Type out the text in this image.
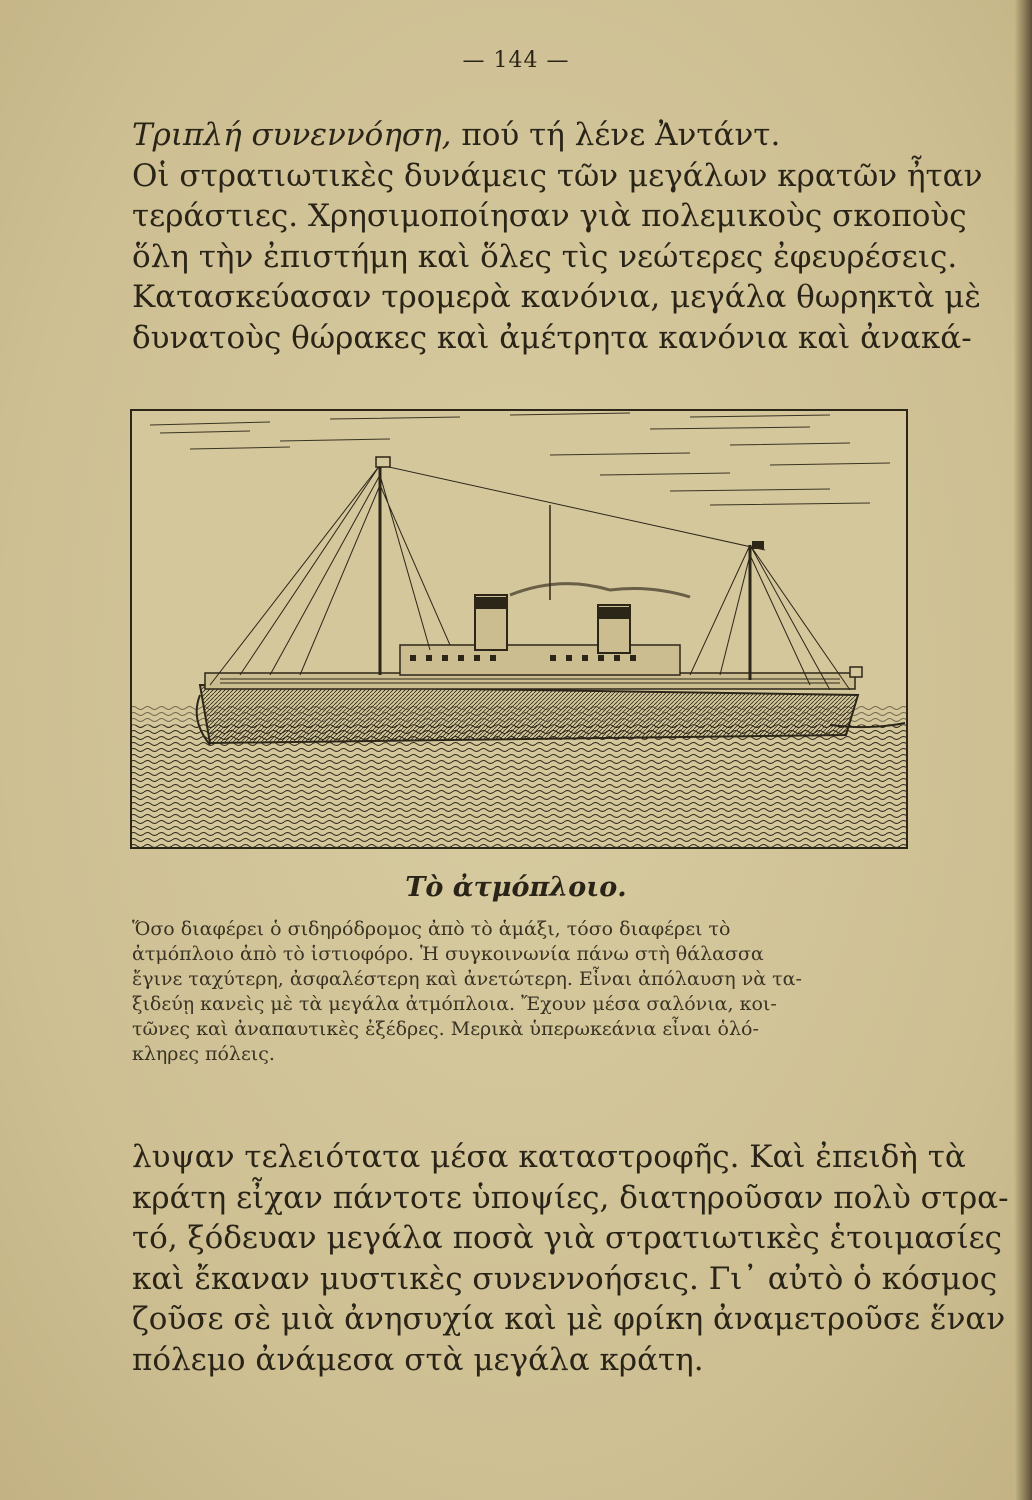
— 144 —

Τριπλή συνεννόηση, πού τή λένε Ἀντάντ.
Οἱ στρατιωτικὲς δυνάμεις τῶν μεγάλων κρατῶν ἦταν
τεράστιες. Χρησιμοποίησαν γιὰ πολεμικοὺς σκοποὺς
ὅλη τὴν ἐπιστήμη καὶ ὅλες τὶς νεώτερες ἐφευρέσεις.
Κατασκεύασαν τρομερὰ κανόνια, μεγάλα θωρηκτὰ μὲ
δυνατοὺς θώρακες καὶ ἀμέτρητα κανόνια καὶ ἀνακά-

Τὸ ἀτμόπλοιο.
Ὅσο διαφέρει ὁ σιδηρόδρομος ἀπὸ τὸ ἁμάξι, τόσο διαφέρει τὸ
ἀτμόπλοιο ἀπὸ τὸ ἱστιοφόρο. Ἡ συγκοινωνία πάνω στὴ θάλασσα
ἔγινε ταχύτερη, ἀσφαλέστερη καὶ ἀνετώτερη. Εἶναι ἀπόλαυση νὰ τα-
ξιδεύῃ κανεὶς μὲ τὰ μεγάλα ἀτμόπλοια. Ἔχουν μέσα σαλόνια, κοι-
τῶνες καὶ ἀναπαυτικὲς ἐξέδρες. Μερικὰ ὑπερωκεάνια εἶναι ὁλό-
κληρες πόλεις.

λυψαν τελειότατα μέσα καταστροφῆς. Καὶ ἐπειδὴ τὰ
κράτη εἶχαν πάντοτε ὑποψίες, διατηροῦσαν πολὺ στρα-
τό, ξόδευαν μεγάλα ποσὰ γιὰ στρατιωτικὲς ἑτοιμασίες
καὶ ἔκαναν μυστικὲς συνεννοήσεις. Γι᾽ αὐτὸ ὁ κόσμος
ζοῦσε σὲ μιὰ ἀνησυχία καὶ μὲ φρίκη ἀναμετροῦσε ἕναν
πόλεμο ἀνάμεσα στὰ μεγάλα κράτη.
